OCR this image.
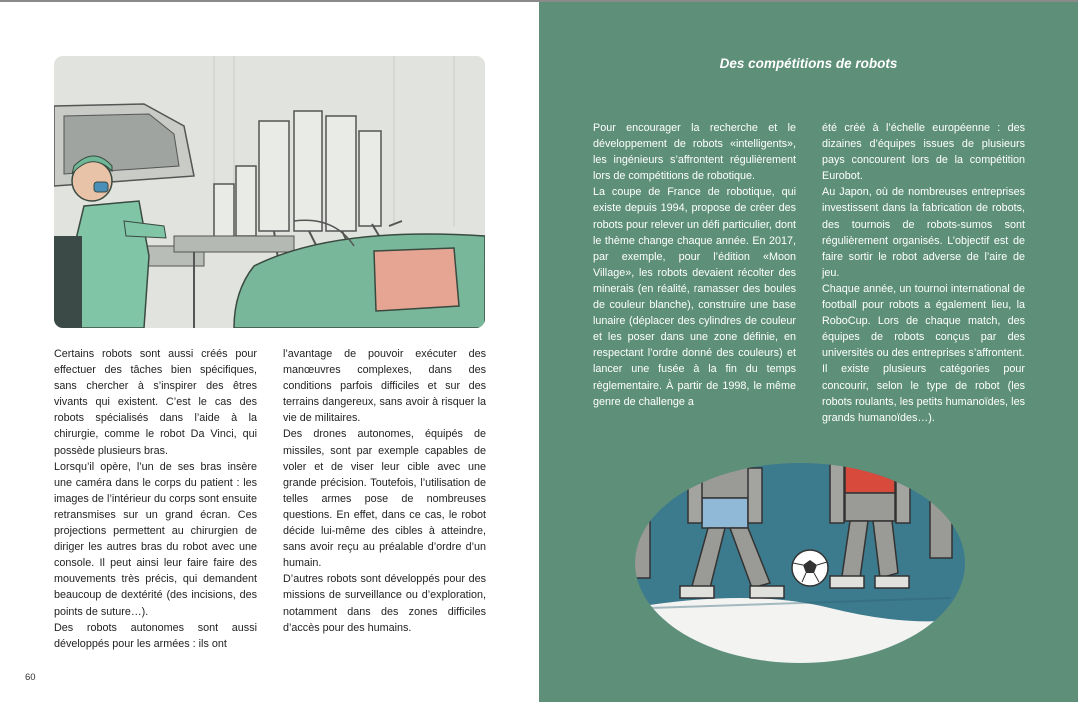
Certains robots sont aussi créés pour effectuer des tâches bien spécifiques, sans chercher à s’inspirer des êtres vivants qui existent. C’est le cas des robots spécialisés dans l’aide à la chirurgie, comme le robot Da Vinci, qui possède plusieurs bras.

Lorsqu’il opère, l’un de ses bras insère une caméra dans le corps du patient : les images de l’intérieur du corps sont ensuite retransmises sur un grand écran. Ces projections permettent au chirurgien de diriger les autres bras du robot avec une console. Il peut ainsi leur faire faire des mouvements très précis, qui demandent beaucoup de dextérité (des incisions, des points de suture…).

Des robots autonomes sont aussi développés pour les armées : ils ont

l’avantage de pouvoir exécuter des manœuvres complexes, dans des conditions parfois difficiles et sur des terrains dangereux, sans avoir à risquer la vie de militaires.

Des drones autonomes, équipés de missiles, sont par exemple capables de voler et de viser leur cible avec une grande précision. Toutefois, l’utilisation de telles armes pose de nombreuses questions. En effet, dans ce cas, le robot décide lui-même des cibles à atteindre, sans avoir reçu au préalable d’ordre d’un humain.

D’autres robots sont développés pour des missions de surveillance ou d’exploration, notamment dans des zones difficiles d’accès pour des humains.

60
Des compétitions de robots

Pour encourager la recherche et le développement de robots «intelligents», les ingénieurs s’affrontent régulièrement lors de compétitions de robotique.

La coupe de France de robotique, qui existe depuis 1994, propose de créer des robots pour relever un défi particulier, dont le thème change chaque année. En 2017, par exemple, pour l’édition «Moon Village», les robots devaient récolter des minerais (en réalité, ramasser des boules de couleur blanche), construire une base lunaire (déplacer des cylindres de couleur et les poser dans une zone définie, en respectant l’ordre donné des couleurs) et lancer une fusée à la fin du temps règlementaire. À partir de 1998, le même genre de challenge a

été créé à l’échelle européenne : des dizaines d’équipes issues de plusieurs pays concourent lors de la compétition Eurobot.

Au Japon, où de nombreuses entreprises investissent dans la fabrication de robots, des tournois de robots-sumos sont régulièrement organisés. L’objectif est de faire sortir le robot adverse de l’aire de jeu.

Chaque année, un tournoi international de football pour robots a également lieu, la RoboCup. Lors de chaque match, des équipes de robots conçus par des universités ou des entreprises s’affrontent.

Il existe plusieurs catégories pour concourir, selon le type de robot (les robots roulants, les petits humanoïdes, les grands humanoïdes…).
